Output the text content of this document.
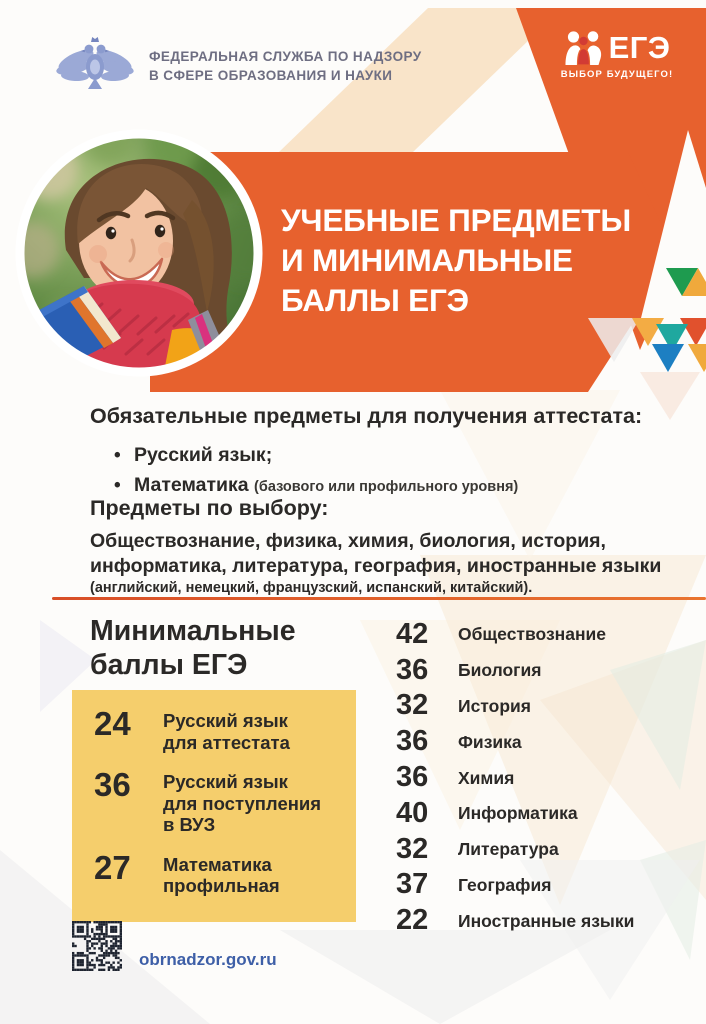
ФЕДЕРАЛЬНАЯ СЛУЖБА ПО НАДЗОРУ
В СФЕРЕ ОБРАЗОВАНИЯ И НАУКИ
ЕГЭ
ВЫБОР БУДУЩЕГО!
УЧЕБНЫЕ ПРЕДМЕТЫ
И МИНИМАЛЬНЫЕ
БАЛЛЫ ЕГЭ
Обязательные предметы для получения аттестата:
• Русский язык;
• Математика (базового или профильного уровня)
Предметы по выбору:
Обществознание, физика, химия, биология, история,
информатика, литература, география, иностранные языки
(английский, немецкий, французский, испанский, китайский).
Минимальные
баллы ЕГЭ
24	Русский язык
для аттестата
36	Русский язык
для поступления
в ВУЗ
27	Математика
профильная
42	Обществознание
36	Биология
32	История
36	Физика
36	Химия
40	Информатика
32	Литература
37	География
22	Иностранные языки
obrnadzor.gov.ru
